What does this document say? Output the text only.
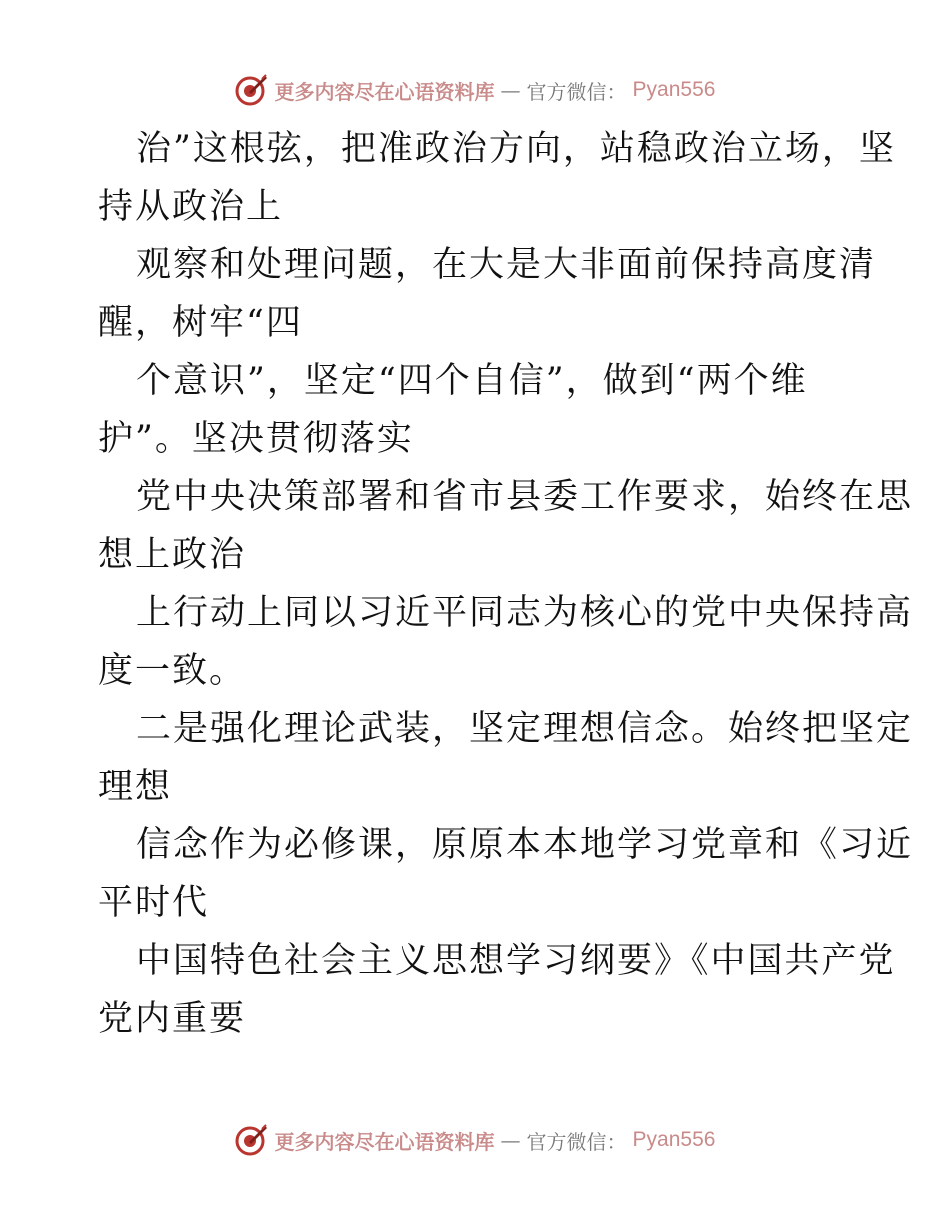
更多内容尽在心语资料库 — 官方微信： Pyan556
治”这根弦，把准政治方向，站稳政治立场，坚
持从政治上
观察和处理问题，在大是大非面前保持高度清
醒，树牢“四
个意识”，坚定“四个自信”，做到“两个维
护”。坚决贯彻落实
党中央决策部署和省市县委工作要求，始终在思
想上政治
上行动上同以习近平同志为核心的党中央保持高
度一致。
二是强化理论武装，坚定理想信念。始终把坚定
理想
信念作为必修课，原原本本地学习党章和《习近
平时代
中国特色社会主义思想学习纲要》《中国共产党
党内重要
更多内容尽在心语资料库 — 官方微信： Pyan556
